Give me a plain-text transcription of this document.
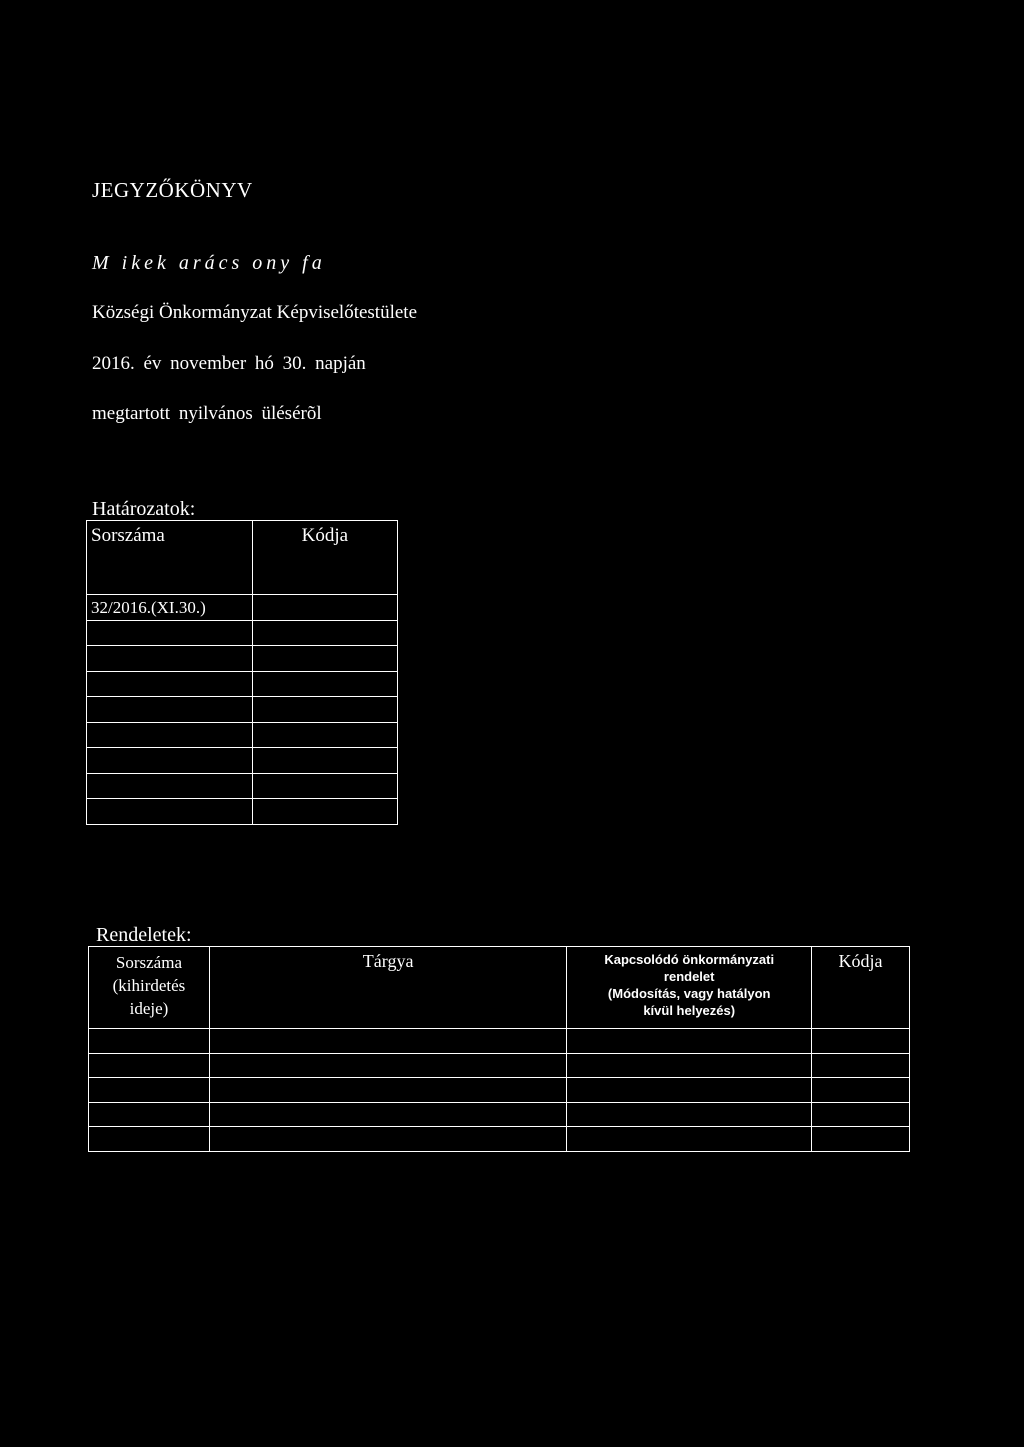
JEGYZŐKÖNYV
M ikek arács ony fa
Községi Önkormányzat Képviselőtestülete
2016. év november hó 30. napján
megtartott nyilvános ülésérõl
Határozatok:
Sorszáma	Kódja
32/2016.(XI.30.)	

Rendeletek:
Sorszáma
(kihirdetés
ideje)	Tárgya	Kapcsolódó önkormányzati
rendelet
(Módosítás, vagy hatályon
kívül helyezés)	Kódja
